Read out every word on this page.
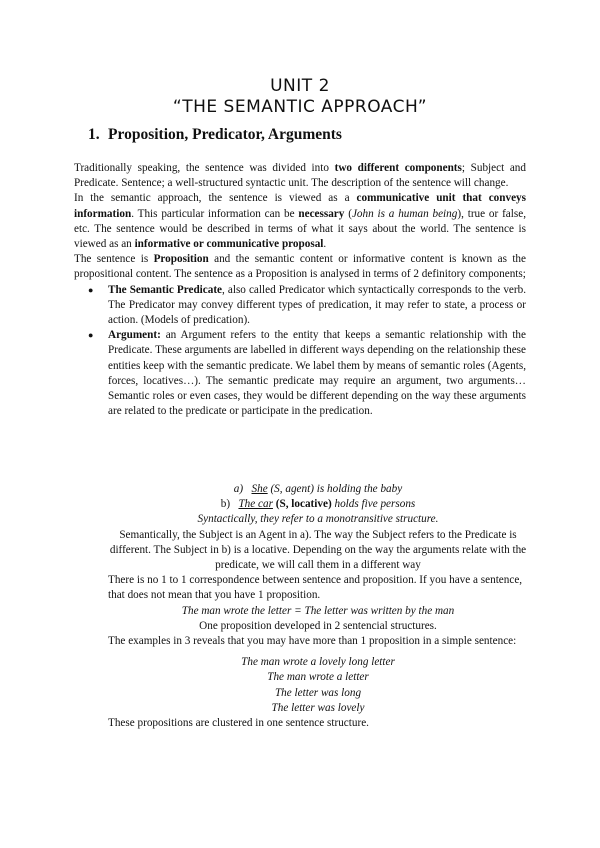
UNIT 2
“THE SEMANTIC APPROACH”
1. Proposition, Predicator, Arguments

Traditionally speaking, the sentence was divided into two different components; Subject and Predicate. Sentence; a well-structured syntactic unit. The description of the sentence will change.

In the semantic approach, the sentence is viewed as a communicative unit that conveys information. This particular information can be necessary (John is a human being), true or false, etc. The sentence would be described in terms of what it says about the world. The sentence is viewed as an informative or communicative proposal.

The sentence is Proposition and the semantic content or informative content is known as the propositional content. The sentence as a Proposition is analysed in terms of 2 definitory components;

● The Semantic Predicate, also called Predicator which syntactically corresponds to the verb. The Predicator may convey different types of predication, it may refer to state, a process or action. (Models of predication).
● Argument: an Argument refers to the entity that keeps a semantic relationship with the Predicate. These arguments are labelled in different ways depending on the relationship these entities keep with the semantic predicate. We label them by means of semantic roles (Agents, forces, locatives…). The semantic predicate may require an argument, two arguments… Semantic roles or even cases, they would be different depending on the way these arguments are related to the predicate or participate in the predication.
a) She (S, agent) is holding the baby
b) The car (S, locative) holds five persons
Syntactically, they refer to a monotransitive structure.
Semantically, the Subject is an Agent in a). The way the Subject refers to the Predicate is different. The Subject in b) is a locative. Depending on the way the arguments relate with the predicate, we will call them in a different way

There is no 1 to 1 correspondence between sentence and proposition. If you have a sentence, that does not mean that you have 1 proposition.

The man wrote the letter = The letter was written by the man
One proposition developed in 2 sentencial structures.

The examples in 3 reveals that you may have more than 1 proposition in a simple sentence:

The man wrote a lovely long letter
The man wrote a letter
The letter was long
The letter was lovely

These propositions are clustered in one sentence structure.
